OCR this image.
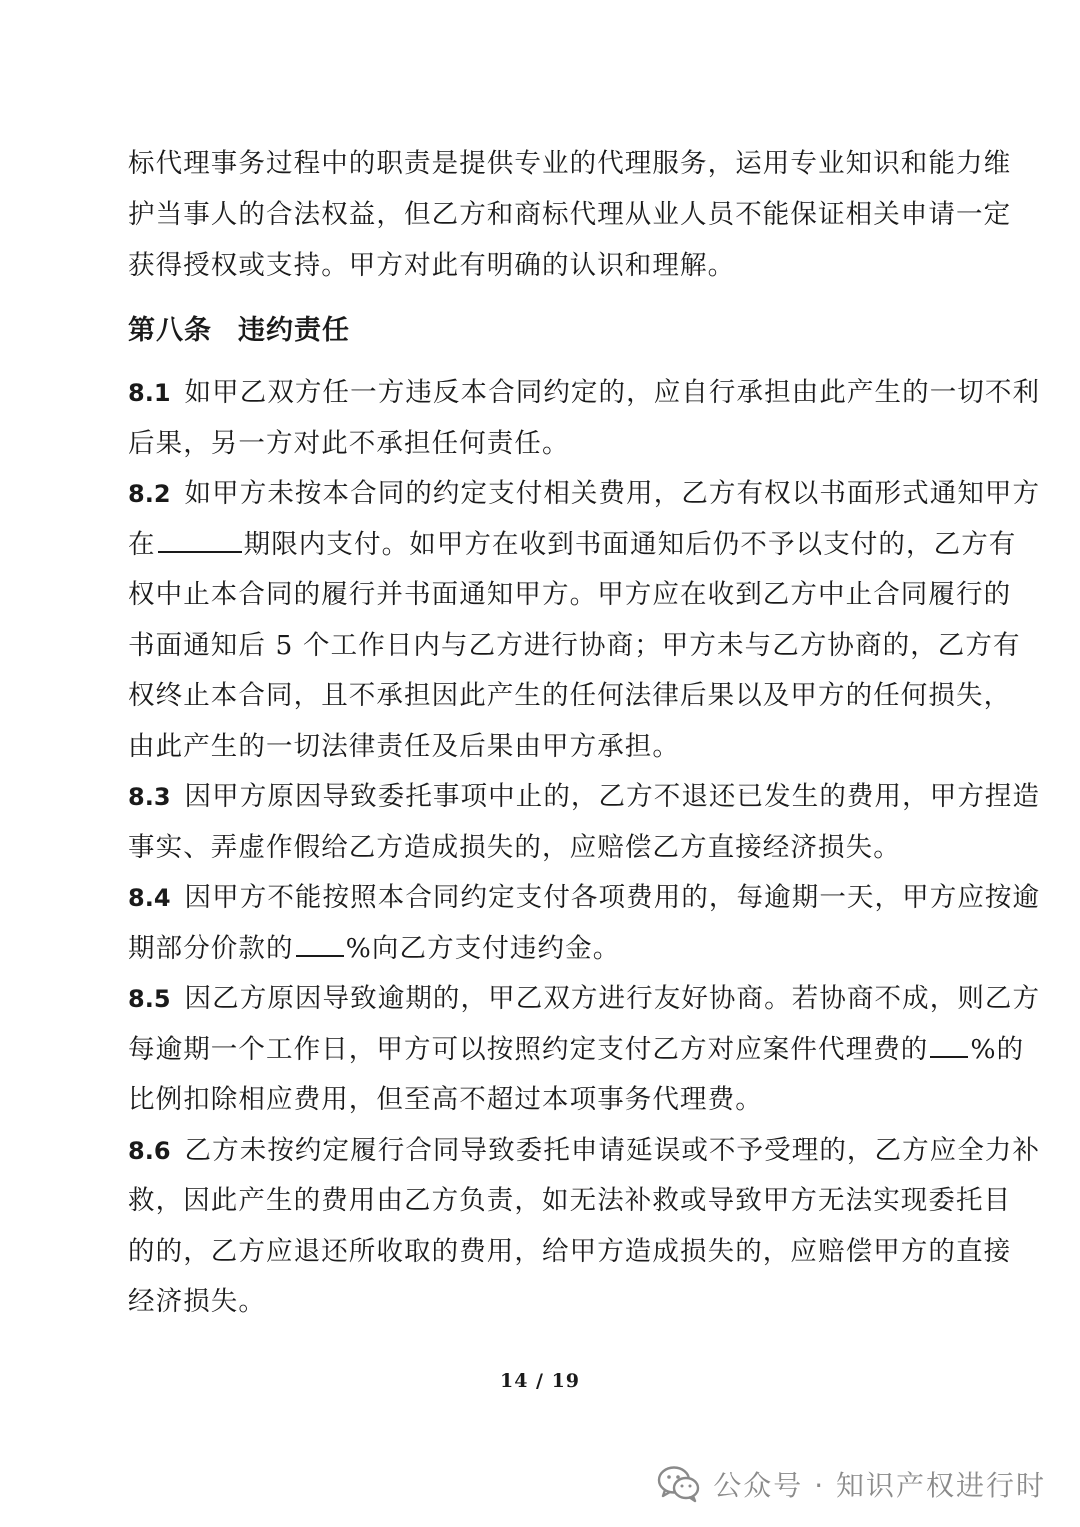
标代理事务过程中的职责是提供专业的代理服务，运用专业知识和能力维
护当事人的合法权益，但乙方和商标代理从业人员不能保证相关申请一定
获得授权或支持。甲方对此有明确的认识和理解。
第八条 违约责任
8.1 如甲乙双方任一方违反本合同约定的，应自行承担由此产生的一切不利
后果，另一方对此不承担任何责任。
8.2 如甲方未按本合同的约定支付相关费用，乙方有权以书面形式通知甲方
在	期限内支付。如甲方在收到书面通知后仍不予以支付的，乙方有
权中止本合同的履行并书面通知甲方。甲方应在收到乙方中止合同履行的
书面通知后 5 个工作日内与乙方进行协商；甲方未与乙方协商的，乙方有
权终止本合同，且不承担因此产生的任何法律后果以及甲方的任何损失，
由此产生的一切法律责任及后果由甲方承担。
8.3 因甲方原因导致委托事项中止的，乙方不退还已发生的费用，甲方捏造
事实、弄虚作假给乙方造成损失的，应赔偿乙方直接经济损失。
8.4 因甲方不能按照本合同约定支付各项费用的，每逾期一天，甲方应按逾
期部分价款的 %向乙方支付违约金。
8.5 因乙方原因导致逾期的，甲乙双方进行友好协商。若协商不成，则乙方
每逾期一个工作日，甲方可以按照约定支付乙方对应案件代理费的 %的
比例扣除相应费用，但至高不超过本项事务代理费。
8.6 乙方未按约定履行合同导致委托申请延误或不予受理的，乙方应全力补
救，因此产生的费用由乙方负责，如无法补救或导致甲方无法实现委托目
的的，乙方应退还所收取的费用，给甲方造成损失的，应赔偿甲方的直接
经济损失。
14 / 19
公众号 · 知识产权进行时
